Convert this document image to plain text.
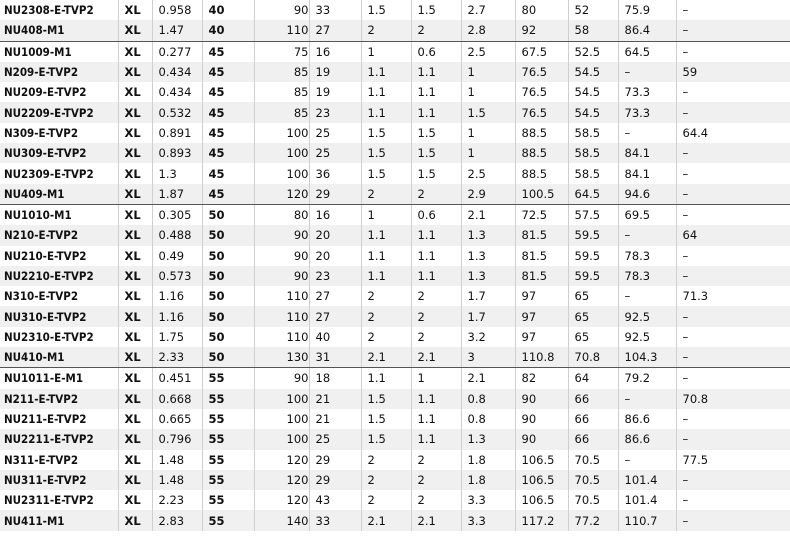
NU2308-E-TVP2	XL	0.958	40	90	33	1.5	1.5	2.7	80	52	75.9	–
NU408-M1	XL	1.47	40	110	27	2	2	2.8	92	58	86.4	–
NU1009-M1	XL	0.277	45	75	16	1	0.6	2.5	67.5	52.5	64.5	–
N209-E-TVP2	XL	0.434	45	85	19	1.1	1.1	1	76.5	54.5	–	59
NU209-E-TVP2	XL	0.434	45	85	19	1.1	1.1	1	76.5	54.5	73.3	–
NU2209-E-TVP2	XL	0.532	45	85	23	1.1	1.1	1.5	76.5	54.5	73.3	–
N309-E-TVP2	XL	0.891	45	100	25	1.5	1.5	1	88.5	58.5	–	64.4
NU309-E-TVP2	XL	0.893	45	100	25	1.5	1.5	1	88.5	58.5	84.1	–
NU2309-E-TVP2	XL	1.3	45	100	36	1.5	1.5	2.5	88.5	58.5	84.1	–
NU409-M1	XL	1.87	45	120	29	2	2	2.9	100.5	64.5	94.6	–
NU1010-M1	XL	0.305	50	80	16	1	0.6	2.1	72.5	57.5	69.5	–
N210-E-TVP2	XL	0.488	50	90	20	1.1	1.1	1.3	81.5	59.5	–	64
NU210-E-TVP2	XL	0.49	50	90	20	1.1	1.1	1.3	81.5	59.5	78.3	–
NU2210-E-TVP2	XL	0.573	50	90	23	1.1	1.1	1.3	81.5	59.5	78.3	–
N310-E-TVP2	XL	1.16	50	110	27	2	2	1.7	97	65	–	71.3
NU310-E-TVP2	XL	1.16	50	110	27	2	2	1.7	97	65	92.5	–
NU2310-E-TVP2	XL	1.75	50	110	40	2	2	3.2	97	65	92.5	–
NU410-M1	XL	2.33	50	130	31	2.1	2.1	3	110.8	70.8	104.3	–
NU1011-E-M1	XL	0.451	55	90	18	1.1	1	2.1	82	64	79.2	–
N211-E-TVP2	XL	0.668	55	100	21	1.5	1.1	0.8	90	66	–	70.8
NU211-E-TVP2	XL	0.665	55	100	21	1.5	1.1	0.8	90	66	86.6	–
NU2211-E-TVP2	XL	0.796	55	100	25	1.5	1.1	1.3	90	66	86.6	–
N311-E-TVP2	XL	1.48	55	120	29	2	2	1.8	106.5	70.5	–	77.5
NU311-E-TVP2	XL	1.48	55	120	29	2	2	1.8	106.5	70.5	101.4	–
NU2311-E-TVP2	XL	2.23	55	120	43	2	2	3.3	106.5	70.5	101.4	–
NU411-M1	XL	2.83	55	140	33	2.1	2.1	3.3	117.2	77.2	110.7	–
